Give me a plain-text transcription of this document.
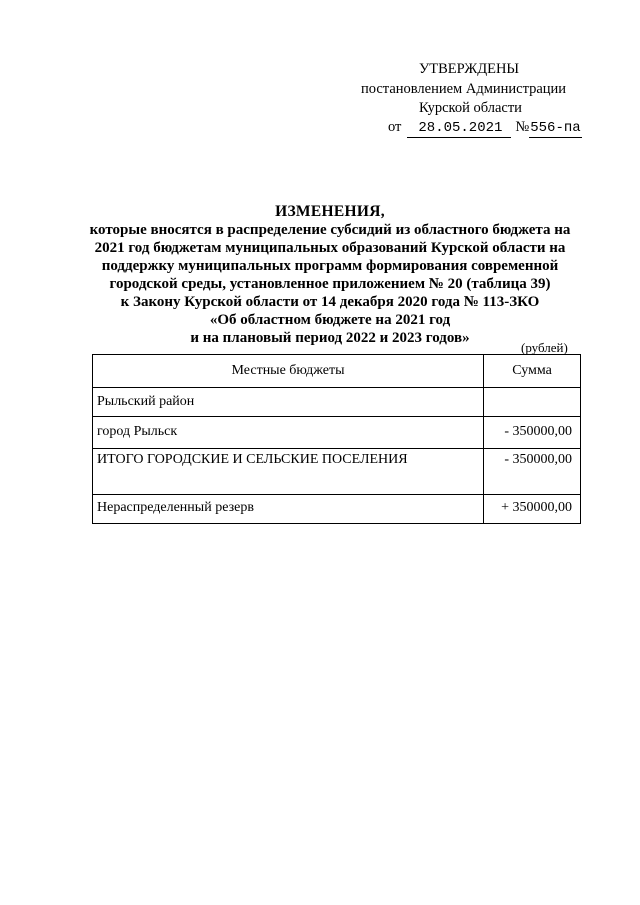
УТВЕРЖДЕНЫ
постановлением Администрации
Курской области
от	28.05.2021 № 556-па
ИЗМЕНЕНИЯ,
которые вносятся в распределение субсидий из областного бюджета на
2021 год бюджетам муниципальных образований Курской области на
поддержку муниципальных программ формирования современной
городской среды, установленное приложением № 20 (таблица 39)
к Закону Курской области от 14 декабря 2020 года № 113-ЗКО
«Об областном бюджете на 2021 год
и на плановый период 2022 и 2023 годов»
(рублей)
Местные бюджеты	Сумма
Рыльский район	
город Рыльск	- 350000,00
ИТОГО ГОРОДСКИЕ И СЕЛЬСКИЕ ПОСЕЛЕНИЯ	- 350000,00
Нераспределенный резерв	+ 350000,00
